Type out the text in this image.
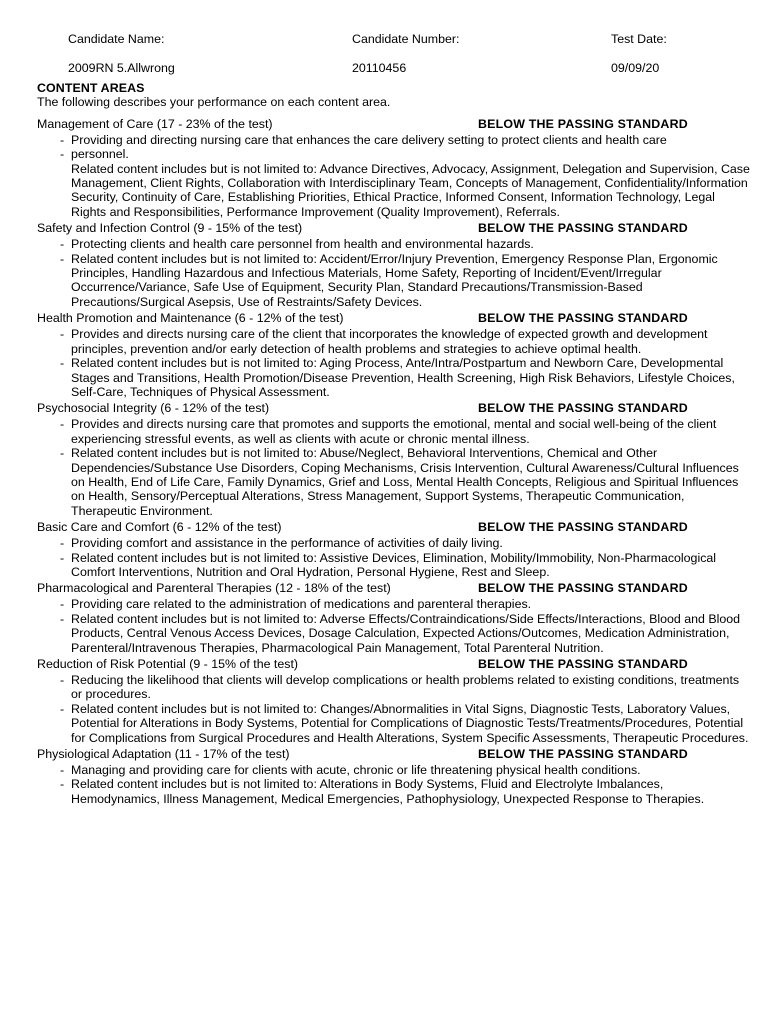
Candidate Name:	Candidate Number:	Test Date:
2009RN 5.Allwrong	20110456	09/09/20
CONTENT AREAS
The following describes your performance on each content area.
Management of Care (17 - 23% of the test)	BELOW THE PASSING STANDARD
- Providing and directing nursing care that enhances the care delivery setting to protect clients and health care
- personnel.
Related content includes but is not limited to: Advance Directives, Advocacy, Assignment, Delegation and Supervision, Case Management, Client Rights, Collaboration with Interdisciplinary Team, Concepts of Management, Confidentiality/Information Security, Continuity of Care, Establishing Priorities, Ethical Practice, Informed Consent, Information Technology, Legal Rights and Responsibilities, Performance Improvement (Quality Improvement), Referrals.
Safety and Infection Control (9 - 15% of the test)	BELOW THE PASSING STANDARD
- Protecting clients and health care personnel from health and environmental hazards.
- Related content includes but is not limited to: Accident/Error/Injury Prevention, Emergency Response Plan, Ergonomic Principles, Handling Hazardous and Infectious Materials, Home Safety, Reporting of Incident/Event/Irregular Occurrence/Variance, Safe Use of Equipment, Security Plan, Standard Precautions/Transmission-Based Precautions/Surgical Asepsis, Use of Restraints/Safety Devices.
Health Promotion and Maintenance (6 - 12% of the test)	BELOW THE PASSING STANDARD
- Provides and directs nursing care of the client that incorporates the knowledge of expected growth and development principles, prevention and/or early detection of health problems and strategies to achieve optimal health.
- Related content includes but is not limited to: Aging Process, Ante/Intra/Postpartum and Newborn Care, Developmental Stages and Transitions, Health Promotion/Disease Prevention, Health Screening, High Risk Behaviors, Lifestyle Choices, Self-Care, Techniques of Physical Assessment.
Psychosocial Integrity (6 - 12% of the test)	BELOW THE PASSING STANDARD
- Provides and directs nursing care that promotes and supports the emotional, mental and social well-being of the client experiencing stressful events, as well as clients with acute or chronic mental illness.
- Related content includes but is not limited to: Abuse/Neglect, Behavioral Interventions, Chemical and Other Dependencies/Substance Use Disorders, Coping Mechanisms, Crisis Intervention, Cultural Awareness/Cultural Influences on Health, End of Life Care, Family Dynamics, Grief and Loss, Mental Health Concepts, Religious and Spiritual Influences on Health, Sensory/Perceptual Alterations, Stress Management, Support Systems, Therapeutic Communication, Therapeutic Environment.
Basic Care and Comfort (6 - 12% of the test)	BELOW THE PASSING STANDARD
- Providing comfort and assistance in the performance of activities of daily living.
- Related content includes but is not limited to: Assistive Devices, Elimination, Mobility/Immobility, Non-Pharmacological Comfort Interventions, Nutrition and Oral Hydration, Personal Hygiene, Rest and Sleep.
Pharmacological and Parenteral Therapies (12 - 18% of the test)	BELOW THE PASSING STANDARD
- Providing care related to the administration of medications and parenteral therapies.
- Related content includes but is not limited to: Adverse Effects/Contraindications/Side Effects/Interactions, Blood and Blood Products, Central Venous Access Devices, Dosage Calculation, Expected Actions/Outcomes, Medication Administration, Parenteral/Intravenous Therapies, Pharmacological Pain Management, Total Parenteral Nutrition.
Reduction of Risk Potential (9 - 15% of the test)	BELOW THE PASSING STANDARD
- Reducing the likelihood that clients will develop complications or health problems related to existing conditions, treatments or procedures.
- Related content includes but is not limited to: Changes/Abnormalities in Vital Signs, Diagnostic Tests, Laboratory Values, Potential for Alterations in Body Systems, Potential for Complications of Diagnostic Tests/Treatments/Procedures, Potential for Complications from Surgical Procedures and Health Alterations, System Specific Assessments, Therapeutic Procedures.
Physiological Adaptation (11 - 17% of the test)	BELOW THE PASSING STANDARD
- Managing and providing care for clients with acute, chronic or life threatening physical health conditions.
- Related content includes but is not limited to: Alterations in Body Systems, Fluid and Electrolyte Imbalances, Hemodynamics, Illness Management, Medical Emergencies, Pathophysiology, Unexpected Response to Therapies.
